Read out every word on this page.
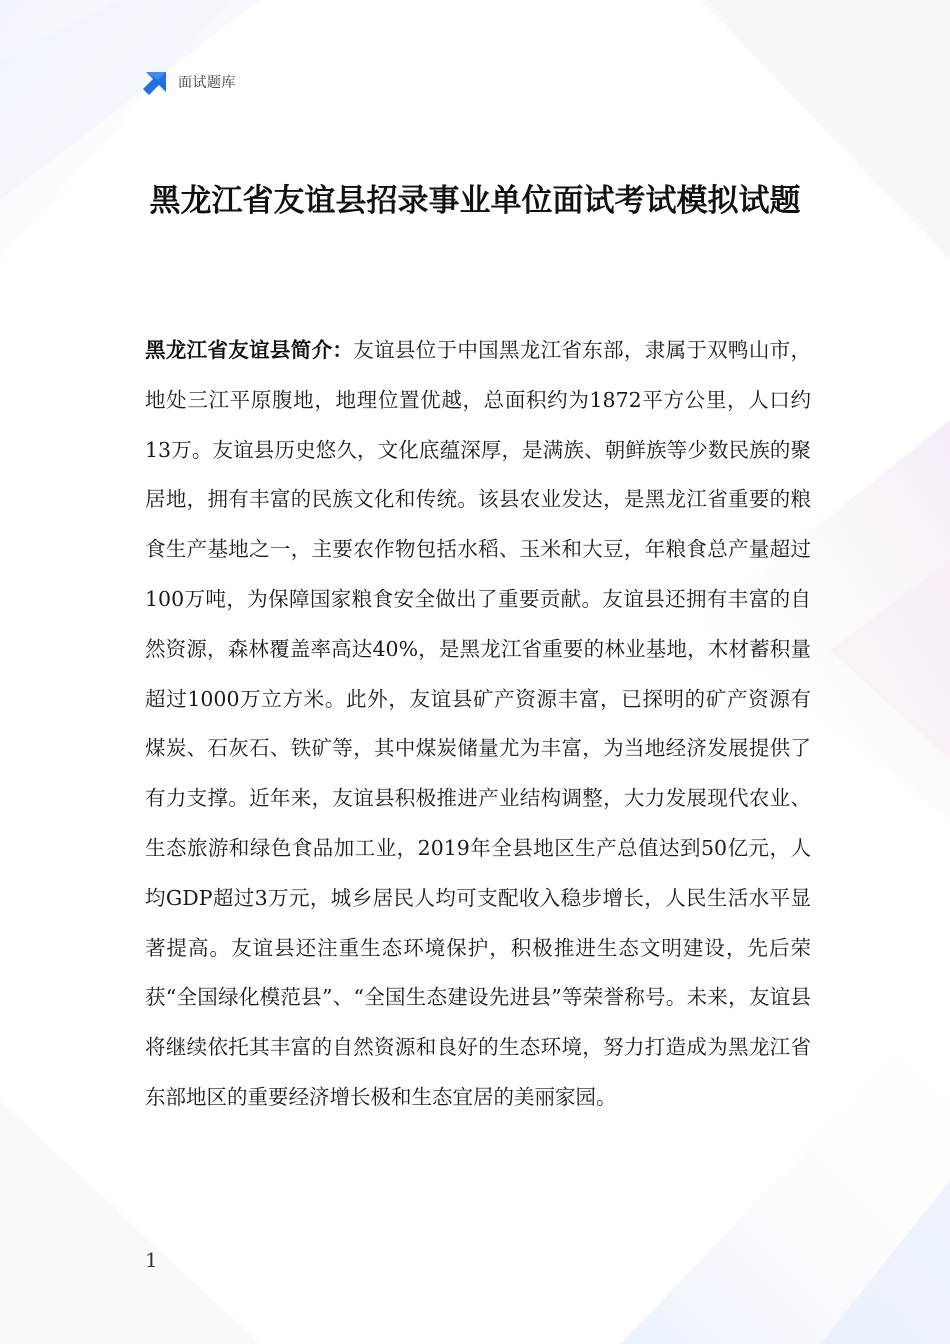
面试题库
黑龙江省友谊县招录事业单位面试考试模拟试题

黑龙江省友谊县简介：友谊县位于中国黑龙江省东部，隶属于双鸭山市，地处三江平原腹地，地理位置优越，总面积约为1872平方公里，人口约13万。友谊县历史悠久，文化底蕴深厚，是满族、朝鲜族等少数民族的聚居地，拥有丰富的民族文化和传统。该县农业发达，是黑龙江省重要的粮食生产基地之一，主要农作物包括水稻、玉米和大豆，年粮食总产量超过100万吨，为保障国家粮食安全做出了重要贡献。友谊县还拥有丰富的自然资源，森林覆盖率高达40%，是黑龙江省重要的林业基地，木材蓄积量超过1000万立方米。此外，友谊县矿产资源丰富，已探明的矿产资源有煤炭、石灰石、铁矿等，其中煤炭储量尤为丰富，为当地经济发展提供了有力支撑。近年来，友谊县积极推进产业结构调整，大力发展现代农业、生态旅游和绿色食品加工业，2019年全县地区生产总值达到50亿元，人均GDP超过3万元，城乡居民人均可支配收入稳步增长，人民生活水平显著提高。友谊县还注重生态环境保护，积极推进生态文明建设，先后荣获“全国绿化模范县”、“全国生态建设先进县”等荣誉称号。未来，友谊县将继续依托其丰富的自然资源和良好的生态环境，努力打造成为黑龙江省东部地区的重要经济增长极和生态宜居的美丽家园。

1
